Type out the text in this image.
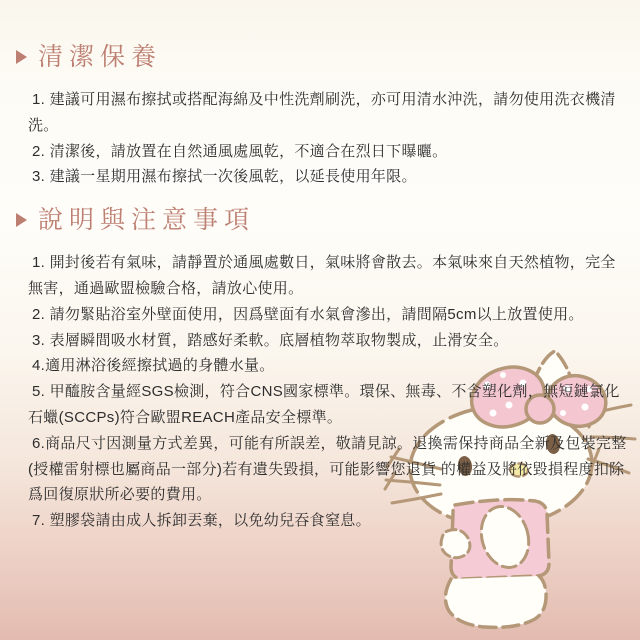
清潔保養

1. 建議可用濕布擦拭或搭配海綿及中性洗劑刷洗，亦可用清水沖洗，請勿使用洗衣機清洗。

2. 清潔後，請放置在自然通風處風乾，不適合在烈日下曝曬。

3. 建議一星期用濕布擦拭一次後風乾，以延長使用年限。

說明與注意事項

1. 開封後若有氣味，請靜置於通風處數日，氣味將會散去。本氣味來自天然植物，完全無害，通過歐盟檢驗合格，請放心使用。

2. 請勿緊貼浴室外壁面使用，因爲壁面有水氣會滲出，請間隔5cm以上放置使用。

3. 表層瞬間吸水材質，踏感好柔軟。底層植物萃取物製成，止滑安全。

4.適用淋浴後經擦拭過的身體水量。

5. 甲醯胺含量經SGS檢測，符合CNS國家標準。環保、無毒、不含塑化劑，無短鏈氯化石蠟(SCCPs)符合歐盟REACH產品安全標準。

6.商品尺寸因測量方式差異，可能有所誤差，敬請見諒。退換需保持商品全新及包裝完整(授權雷射標也屬商品一部分)若有遺失毀損，可能影響您退貨 的權益及將依毀損程度扣除爲回復原狀所必要的費用。

7. 塑膠袋請由成人拆卸丟棄，以免幼兒吞食窒息。
